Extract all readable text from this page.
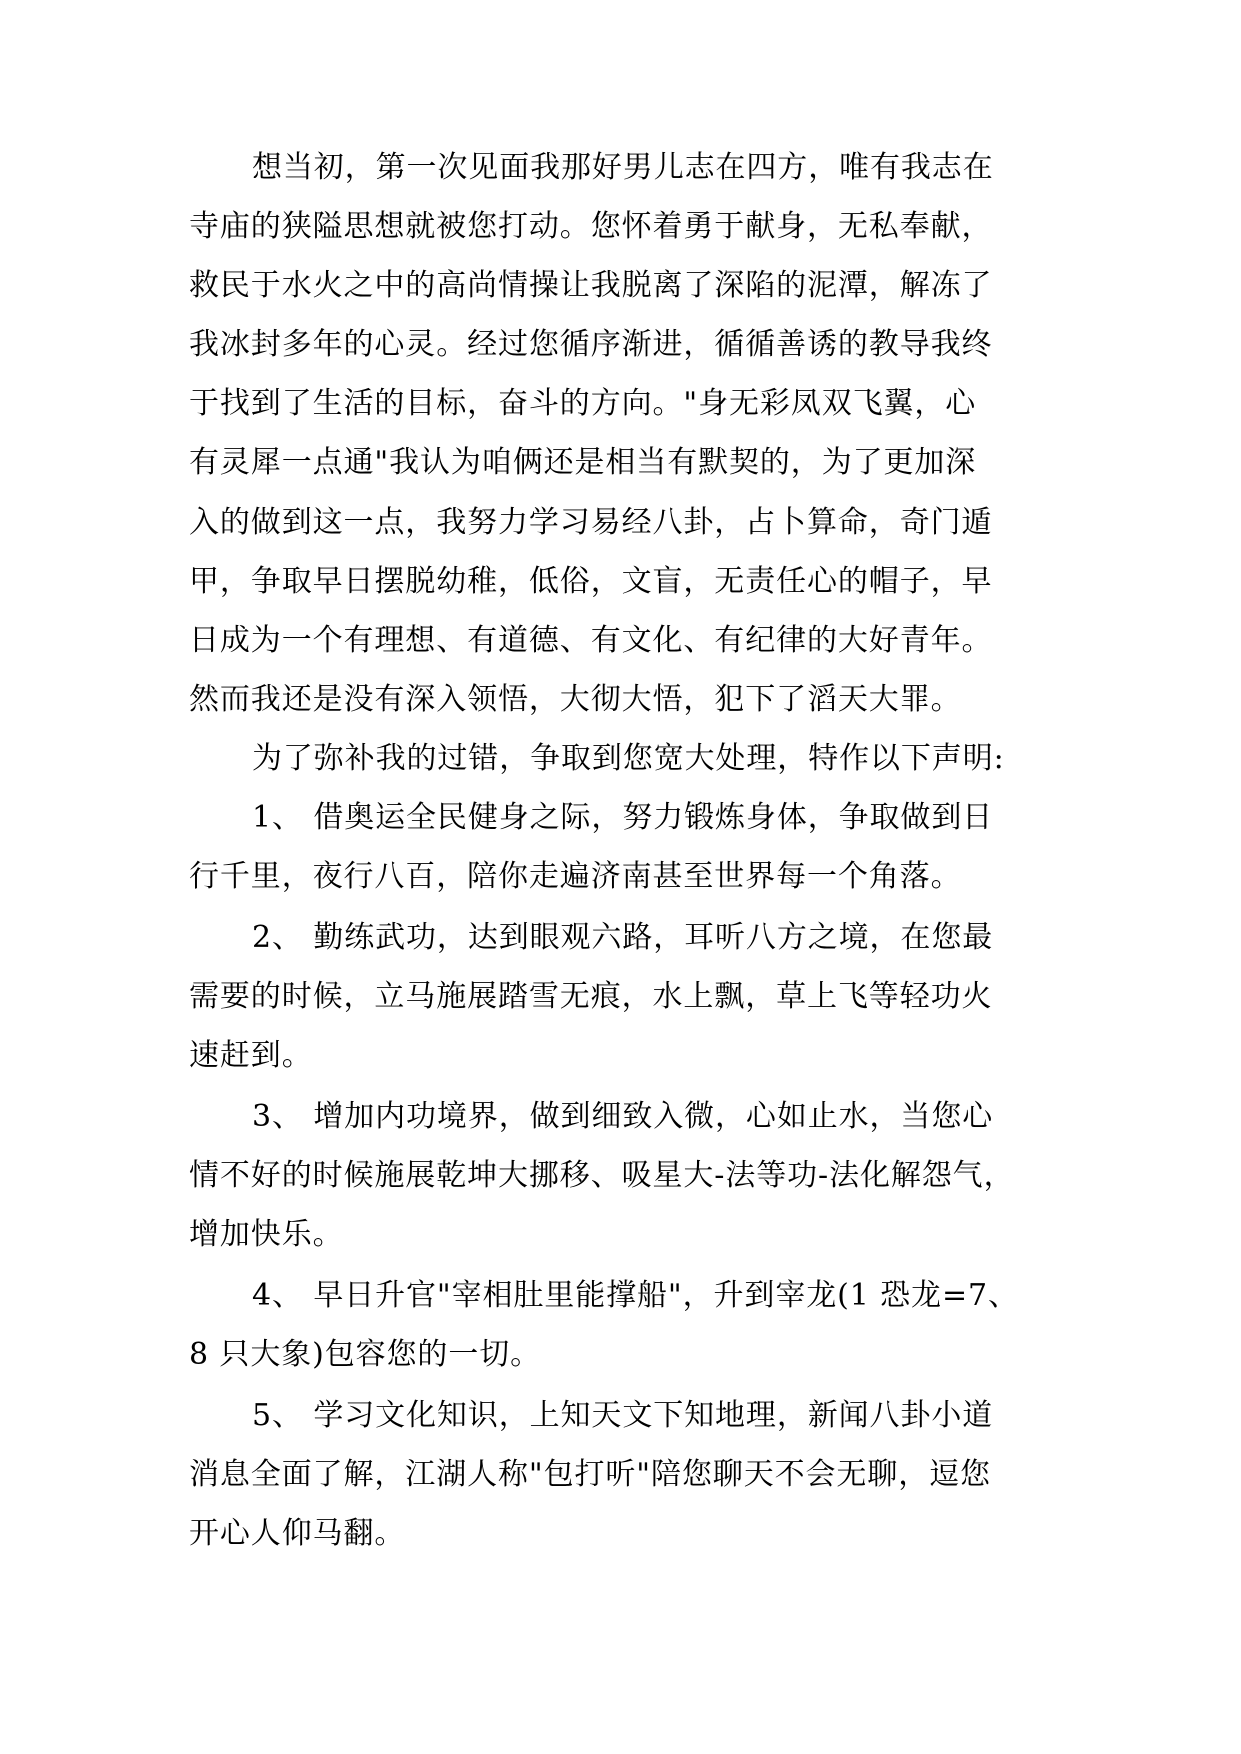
想当初，第一次见面我那好男儿志在四方，唯有我志在
寺庙的狭隘思想就被您打动。您怀着勇于献身，无私奉献，
救民于水火之中的高尚情操让我脱离了深陷的泥潭，解冻了
我冰封多年的心灵。经过您循序渐进，循循善诱的教导我终
于找到了生活的目标，奋斗的方向。"身无彩凤双飞翼，心
有灵犀一点通"我认为咱俩还是相当有默契的，为了更加深
入的做到这一点，我努力学习易经八卦，占卜算命，奇门遁
甲，争取早日摆脱幼稚，低俗，文盲，无责任心的帽子，早
日成为一个有理想、有道德、有文化、有纪律的大好青年。
然而我还是没有深入领悟，大彻大悟，犯下了滔天大罪。
为了弥补我的过错，争取到您宽大处理，特作以下声明:
1、 借奥运全民健身之际，努力锻炼身体，争取做到日
行千里，夜行八百，陪你走遍济南甚至世界每一个角落。
2、 勤练武功，达到眼观六路，耳听八方之境，在您最
需要的时候，立马施展踏雪无痕，水上飘，草上飞等轻功火
速赶到。
3、 增加内功境界，做到细致入微，心如止水，当您心
情不好的时候施展乾坤大挪移、吸星大-法等功-法化解怨气，
增加快乐。
4、 早日升官"宰相肚里能撑船"，升到宰龙(1 恐龙=7、
8 只大象)包容您的一切。
5、 学习文化知识，上知天文下知地理，新闻八卦小道
消息全面了解，江湖人称"包打听"陪您聊天不会无聊，逗您
开心人仰马翻。
